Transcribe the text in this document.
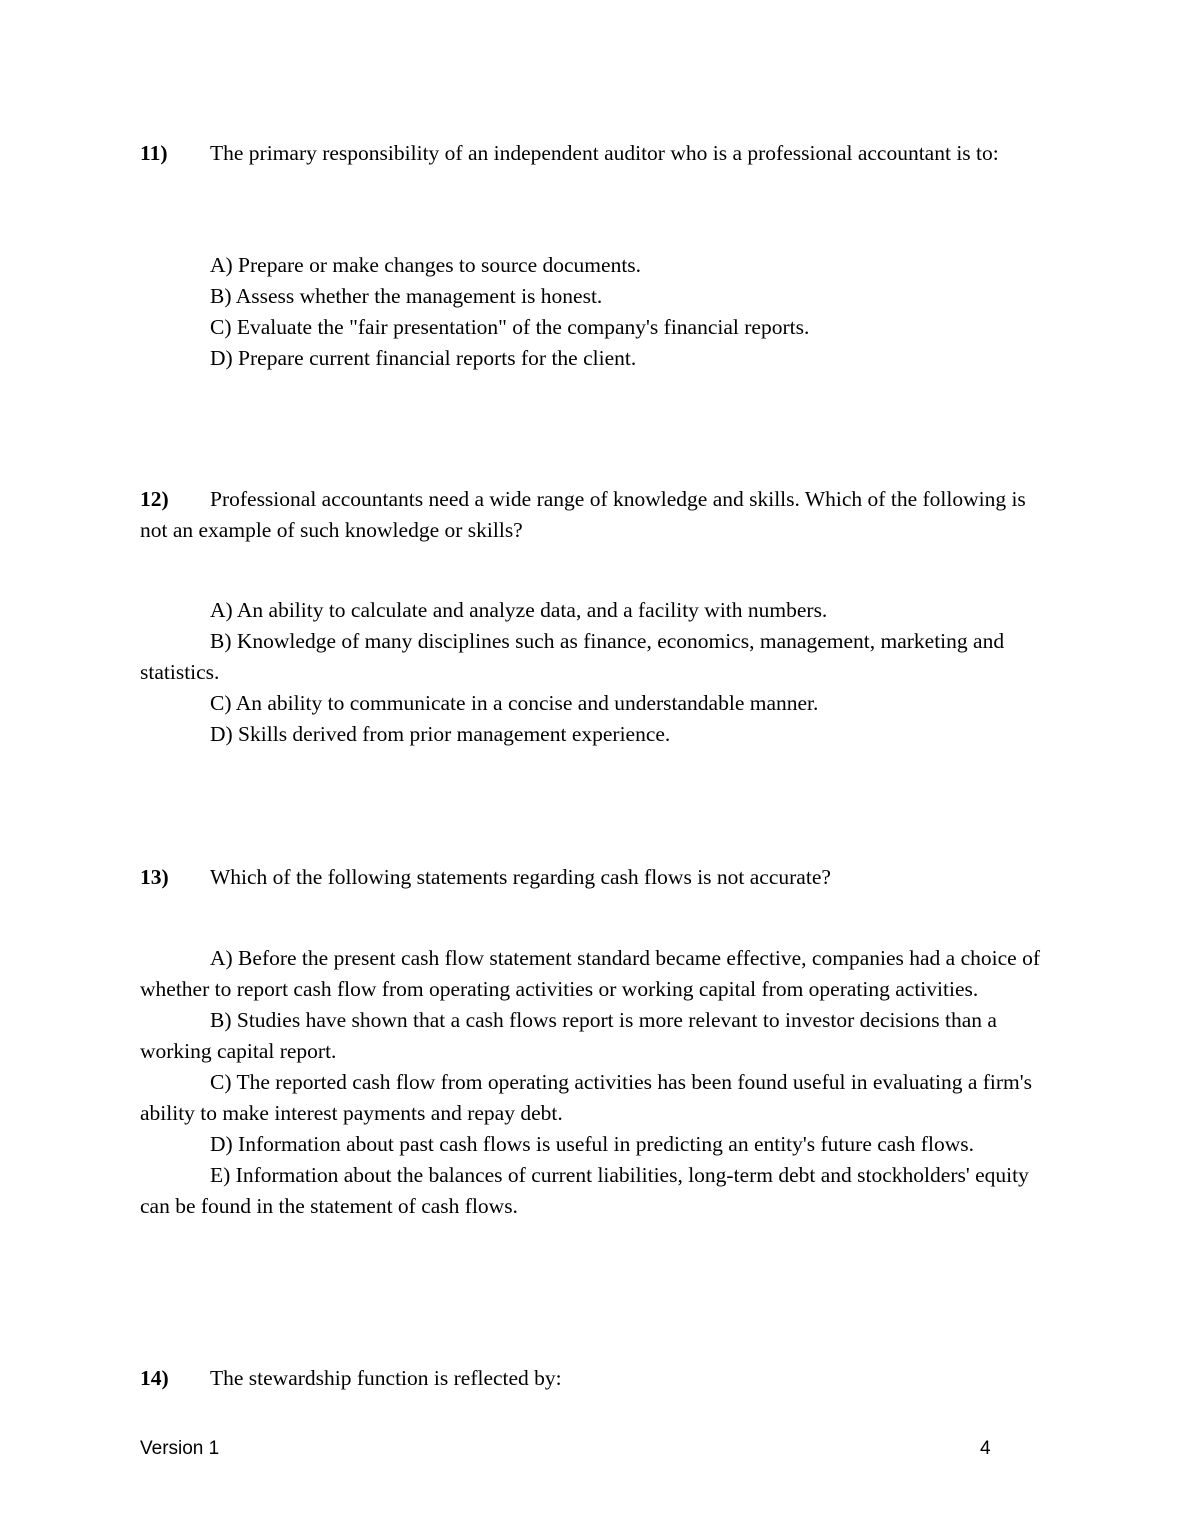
11) The primary responsibility of an independent auditor who is a professional accountant is to:
A) Prepare or make changes to source documents.
B) Assess whether the management is honest.
C) Evaluate the "fair presentation" of the company's financial reports.
D) Prepare current financial reports for the client.
12) Professional accountants need a wide range of knowledge and skills. Which of the following is not an example of such knowledge or skills?
A) An ability to calculate and analyze data, and a facility with numbers.
B) Knowledge of many disciplines such as finance, economics, management, marketing and statistics.
C) An ability to communicate in a concise and understandable manner.
D) Skills derived from prior management experience.
13) Which of the following statements regarding cash flows is not accurate?
A) Before the present cash flow statement standard became effective, companies had a choice of whether to report cash flow from operating activities or working capital from operating activities.
B) Studies have shown that a cash flows report is more relevant to investor decisions than a working capital report.
C) The reported cash flow from operating activities has been found useful in evaluating a firm's ability to make interest payments and repay debt.
D) Information about past cash flows is useful in predicting an entity's future cash flows.
E) Information about the balances of current liabilities, long-term debt and stockholders' equity can be found in the statement of cash flows.
14) The stewardship function is reflected by:
Version 1	4
